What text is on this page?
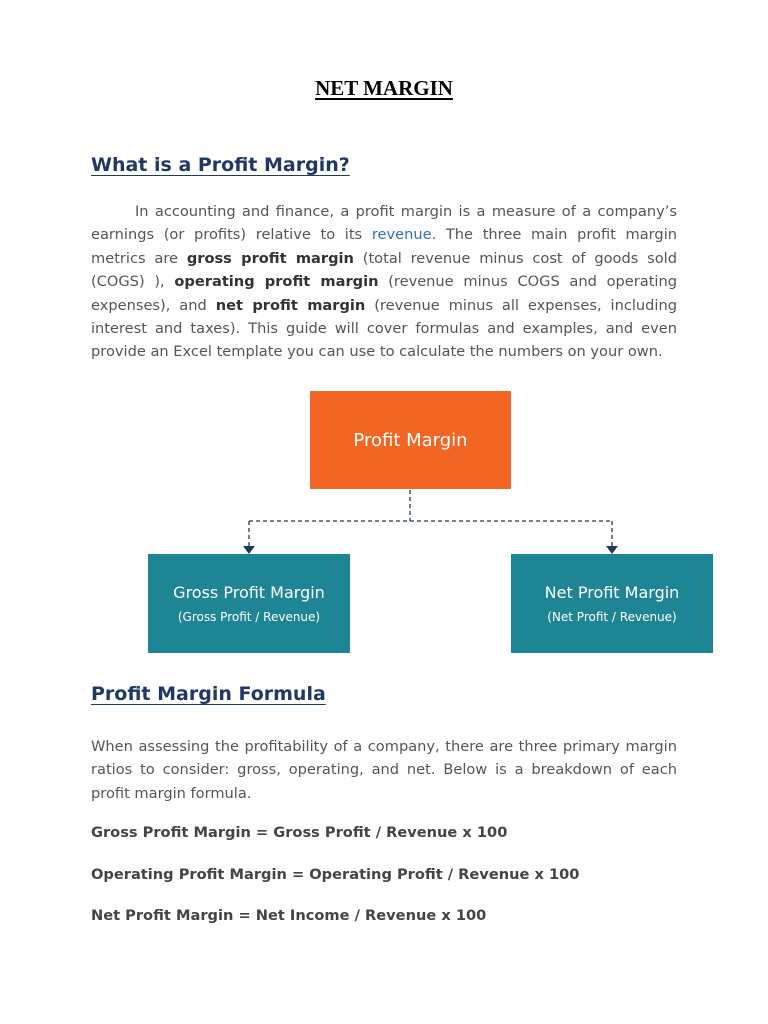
NET MARGIN
What is a Profit Margin?

In accounting and finance, a profit margin is a measure of a company’s earnings (or profits) relative to its revenue. The three main profit margin metrics are gross profit margin (total revenue minus cost of goods sold (COGS) ), operating profit margin (revenue minus COGS and operating expenses), and net profit margin (revenue minus all expenses, including interest and taxes). This guide will cover formulas and examples, and even provide an Excel template you can use to calculate the numbers on your own.

Profit Margin
Gross Profit Margin
(Gross Profit / Revenue)
Net Profit Margin
(Net Profit / Revenue)
Profit Margin Formula

When assessing the profitability of a company, there are three primary margin ratios to consider: gross, operating, and net. Below is a breakdown of each profit margin formula.

Gross Profit Margin = Gross Profit / Revenue x 100

Operating Profit Margin = Operating Profit / Revenue x 100

Net Profit Margin = Net Income / Revenue x 100
